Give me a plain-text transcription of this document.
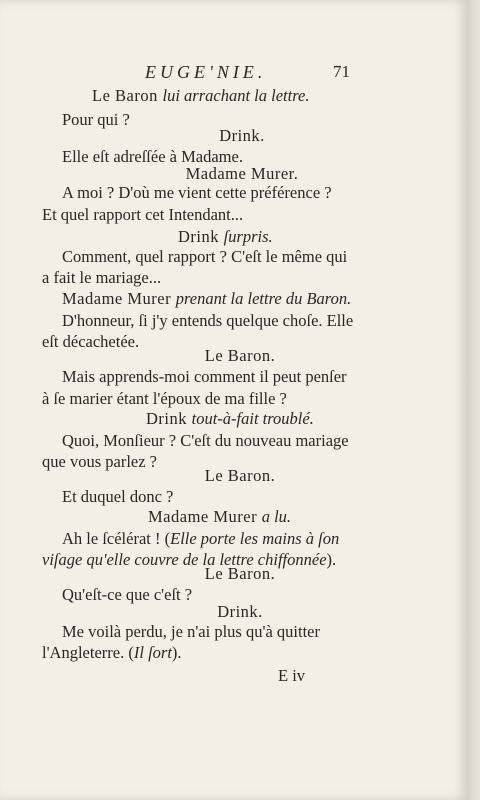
EUGE'NIE.	71
Le Baron lui arrachant la lettre.
Pour qui ?
Drink.
Elle eſt adreſſée à Madame.
Madame Murer.
A moi ? D'où me vient cette préférence ?
Et quel rapport cet Intendant...
Drink ſurpris.
Comment, quel rapport ? C'eſt le même qui
a fait le mariage...
Madame Murer prenant la lettre du Baron.
D'honneur, ſi j'y entends quelque choſe. Elle
eſt décachetée.
Le Baron.
Mais apprends-moi comment il peut penſer
à ſe marier étant l'époux de ma fille ?
Drink tout-à-fait troublé.
Quoi, Monſieur ? C'eſt du nouveau mariage
que vous parlez ?
Le Baron.
Et duquel donc ?
Madame Murer a lu.
Ah le ſcélérat ! (Elle porte les mains à ſon
viſage qu'elle couvre de la lettre chiffonnée).
Le Baron.
Qu'eſt-ce que c'eſt ?
Drink.
Me voilà perdu, je n'ai plus qu'à quitter
l'Angleterre. (Il ſort).
E iv
